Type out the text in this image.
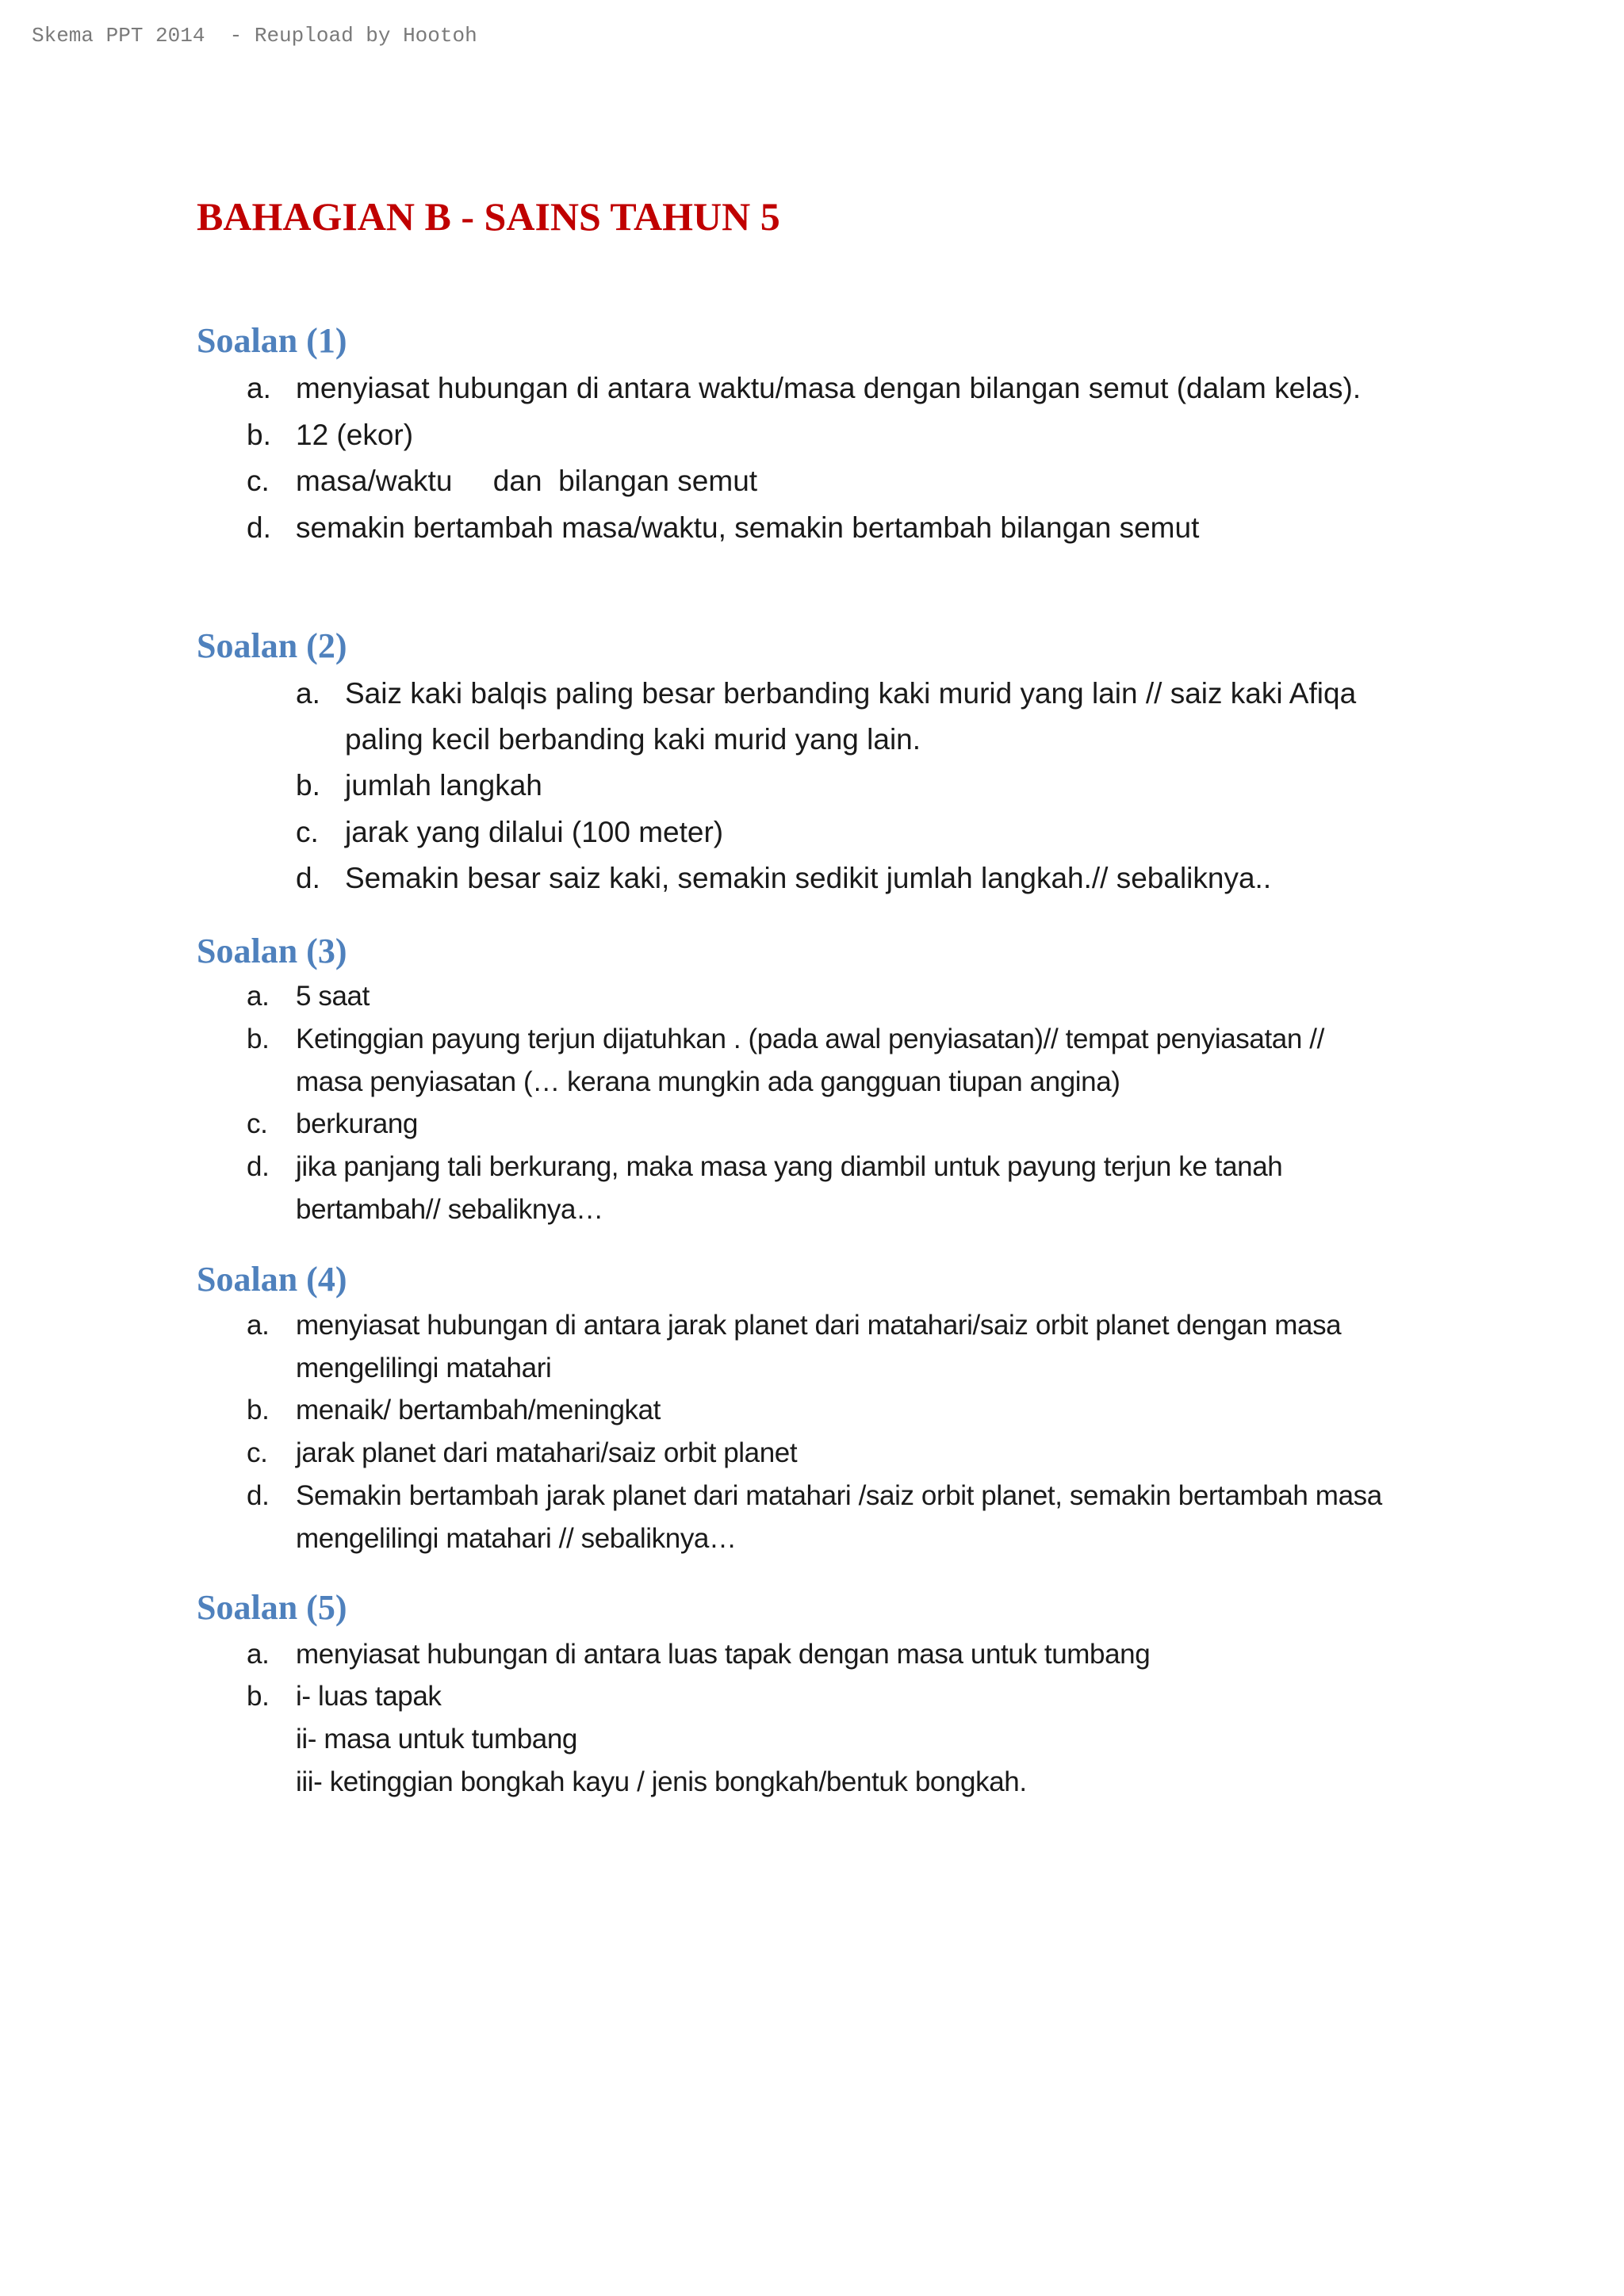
Skema PPT 2014  - Reupload by Hootoh
BAHAGIAN B - SAINS TAHUN 5
Soalan (1)
a. menyiasat hubungan di antara waktu/masa dengan bilangan semut (dalam kelas).
b. 12 (ekor)
c. masa/waktu     dan  bilangan semut
d. semakin bertambah masa/waktu, semakin bertambah bilangan semut
Soalan (2)
a. Saiz kaki balqis paling besar berbanding kaki murid yang lain // saiz kaki Afiqa
paling kecil berbanding kaki murid yang lain.
b. jumlah langkah
c. jarak yang dilalui (100 meter)
d. Semakin besar saiz kaki, semakin sedikit jumlah langkah.// sebaliknya..
Soalan (3)
a. 5 saat
b. Ketinggian payung terjun dijatuhkan . (pada awal penyiasatan)// tempat penyiasatan //
masa penyiasatan (… kerana mungkin ada gangguan tiupan angina)
c. berkurang
d. jika panjang tali berkurang, maka masa yang diambil untuk payung terjun ke tanah
bertambah// sebaliknya…
Soalan (4)
a. menyiasat hubungan di antara jarak planet dari matahari/saiz orbit planet dengan masa
mengelilingi matahari
b. menaik/ bertambah/meningkat
c. jarak planet dari matahari/saiz orbit planet
d. Semakin bertambah jarak planet dari matahari /saiz orbit planet, semakin bertambah masa
mengelilingi matahari // sebaliknya…
Soalan (5)
a. menyiasat hubungan di antara luas tapak dengan masa untuk tumbang
b. i- luas tapak
ii- masa untuk tumbang
iii- ketinggian bongkah kayu / jenis bongkah/bentuk bongkah.
